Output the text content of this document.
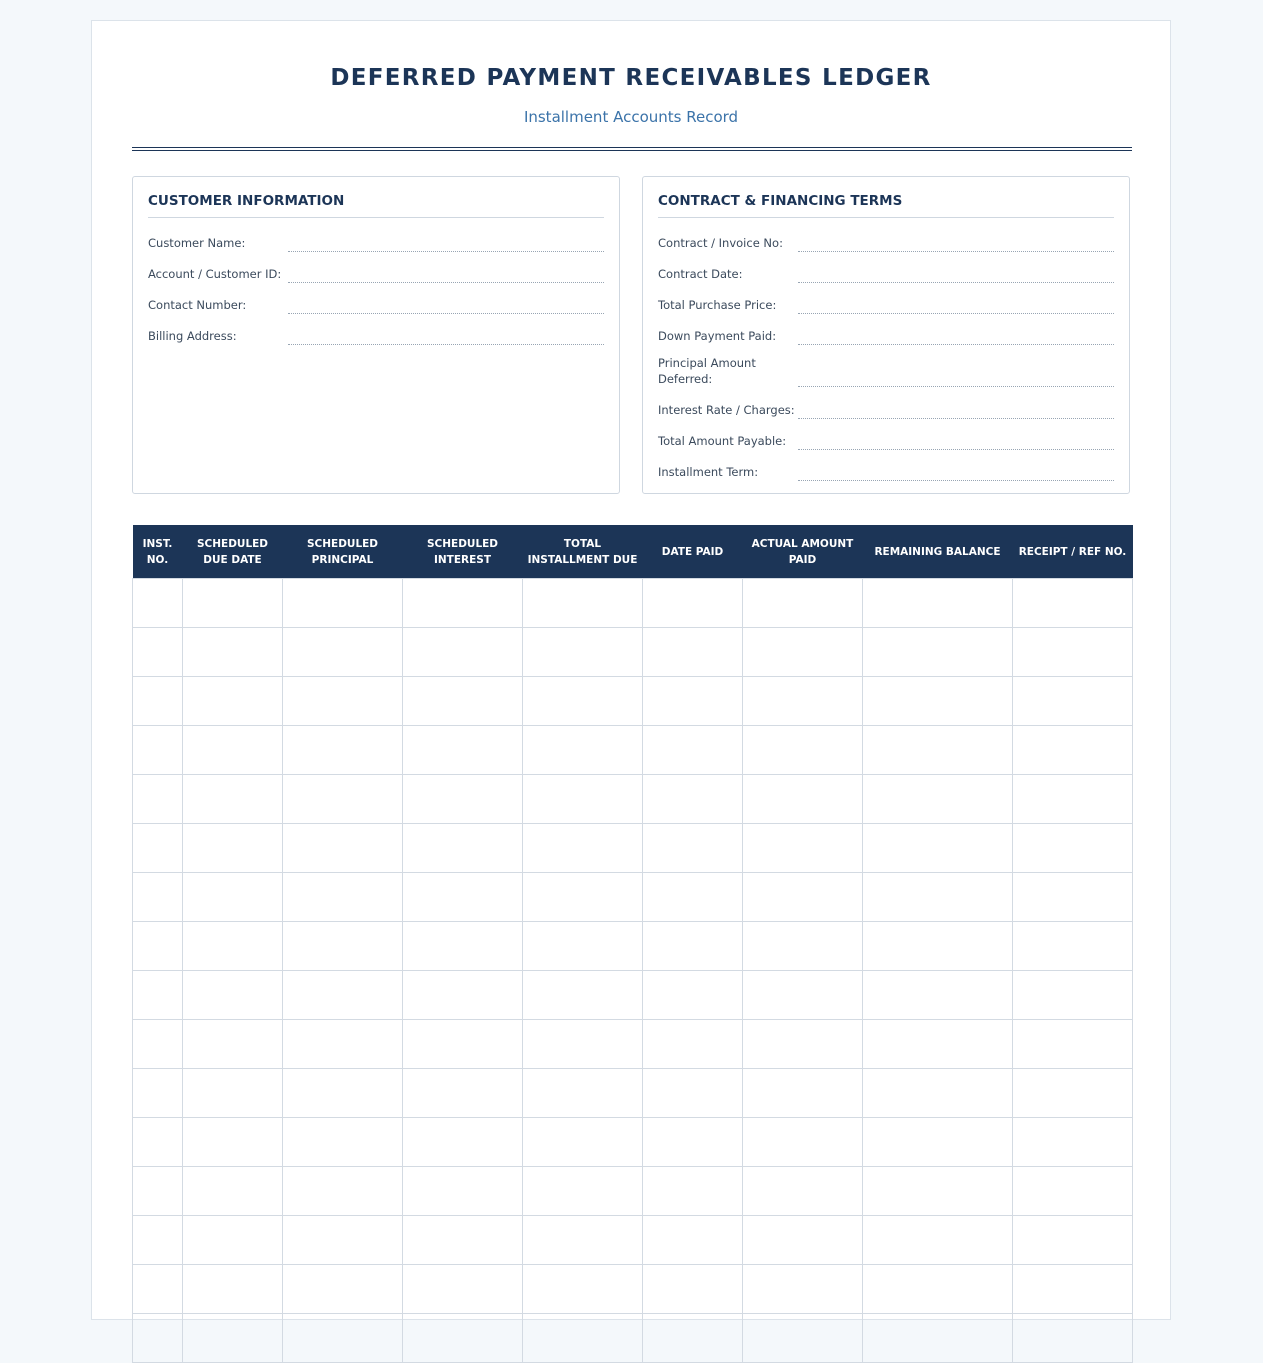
DEFERRED PAYMENT RECEIVABLES LEDGER
Installment Accounts Record
CUSTOMER INFORMATION
Customer Name:
Account / Customer ID:
Contact Number:
Billing Address:
CONTRACT & FINANCING TERMS
Contract / Invoice No:
Contract Date:
Total Purchase Price:
Down Payment Paid:
Principal Amount Deferred:
Interest Rate / Charges:
Total Amount Payable:
Installment Term:
INST. NO.	SCHEDULED DUE DATE	SCHEDULED PRINCIPAL	SCHEDULED INTEREST	TOTAL INSTALLMENT DUE	DATE PAID	ACTUAL AMOUNT PAID	REMAINING BALANCE	RECEIPT / REF NO.
